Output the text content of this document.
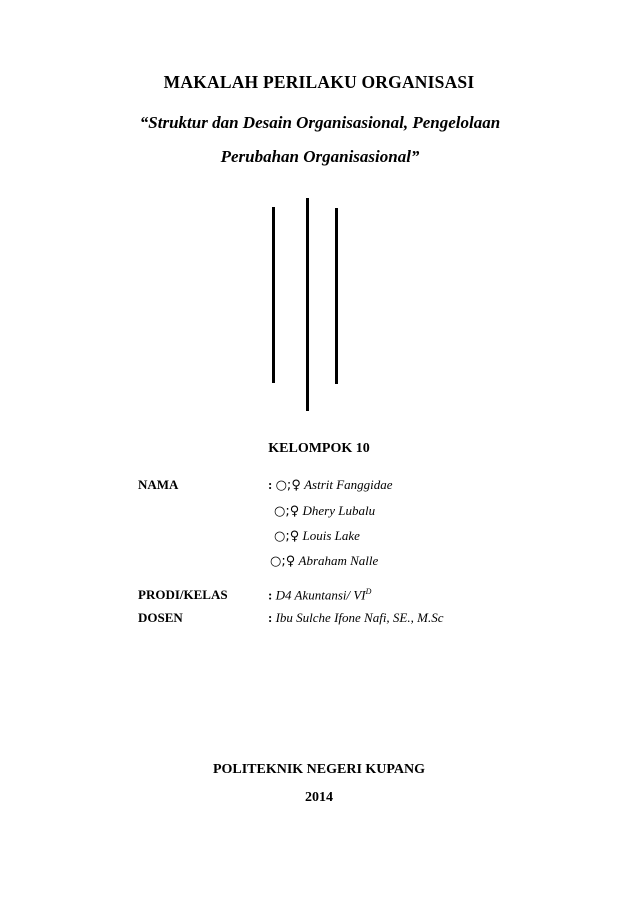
MAKALAH PERILAKU ORGANISASI
“Struktur dan Desain Organisasional, Pengelolaan
Perubahan Organisasional”
KELOMPOK 10
NAMA	: ○;♀ Astrit Fanggidae
○;♀ Dhery Lubalu
○;♀ Louis Lake
○;♀ Abraham Nalle
PRODI/KELAS	: D4 Akuntansi/ $VI^D$
DOSEN	: Ibu Sulche Ifone Nafi, SE., M.Sc
POLITEKNIK NEGERI KUPANG
2014
